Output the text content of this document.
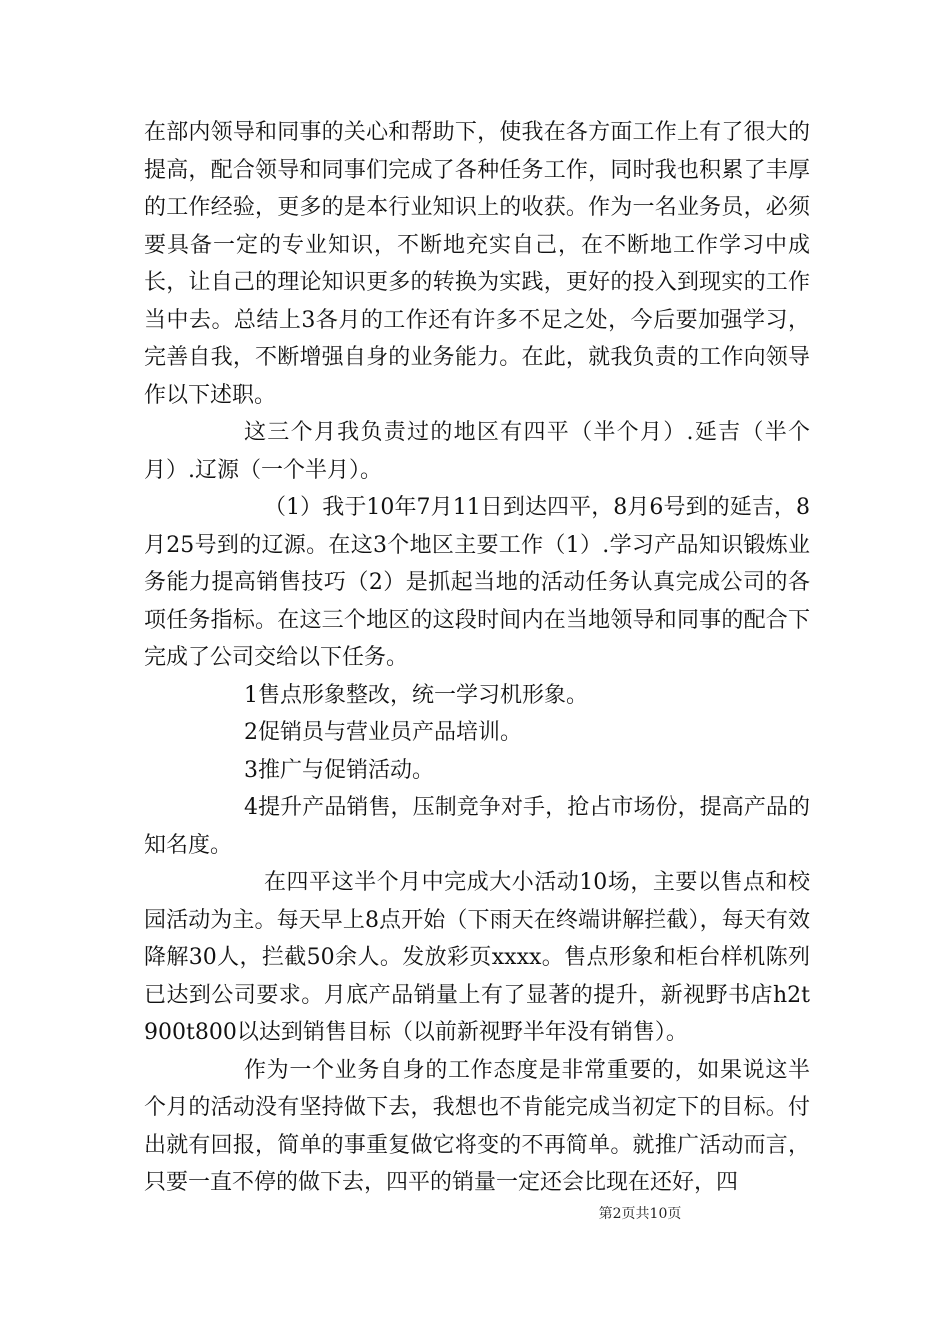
在部内领导和同事的关心和帮助下，使我在各方面工作上有了很大的提高，配合领导和同事们完成了各种任务工作，同时我也积累了丰厚的工作经验，更多的是本行业知识上的收获。作为一名业务员，必须要具备一定的专业知识，不断地充实自己，在不断地工作学习中成长，让自己的理论知识更多的转换为实践，更好的投入到现实的工作当中去。总结上3各月的工作还有许多不足之处，今后要加强学习，完善自我，不断增强自身的业务能力。在此，就我负责的工作向领导作以下述职。

这三个月我负责过的地区有四平（半个月）.延吉（半个月）.辽源（一个半月）。

（1）我于10年7月11日到达四平，8月6号到的延吉，8月25号到的辽源。在这3个地区主要工作（1）.学习产品知识锻炼业务能力提高销售技巧（2）是抓起当地的活动任务认真完成公司的各项任务指标。在这三个地区的这段时间内在当地领导和同事的配合下完成了公司交给以下任务。

1售点形象整改，统一学习机形象。

2促销员与营业员产品培训。

3推广与促销活动。

4提升产品销售，压制竞争对手，抢占市场份，提高产品的知名度。

在四平这半个月中完成大小活动10场，主要以售点和校园活动为主。每天早上8点开始（下雨天在终端讲解拦截），每天有效降解30人，拦截50余人。发放彩页xxxx。售点形象和柜台样机陈列已达到公司要求。月底产品销量上有了显著的提升，新视野书店h2t900t800以达到销售目标（以前新视野半年没有销售）。

作为一个业务自身的工作态度是非常重要的，如果说这半个月的活动没有坚持做下去，我想也不肯能完成当初定下的目标。付出就有回报，简单的事重复做它将变的不再简单。就推广活动而言，只要一直不停的做下去，四平的销量一定还会比现在还好，四

第2页共10页
